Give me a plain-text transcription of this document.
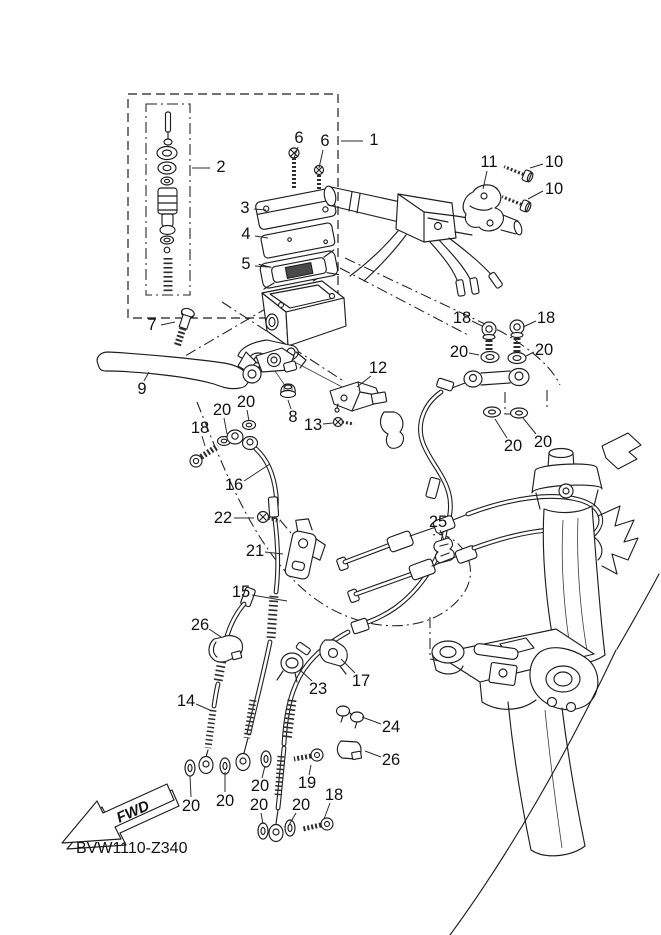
FWD
BVW1110-Z340
1
2
3
4
5
6 6
7
8
9
10
10
11
12
13
14
15
16
17
18	18
18
18
19
20	20
20 20
20 20
20 20
20
20 20
21
22
23
24
25
26
26
